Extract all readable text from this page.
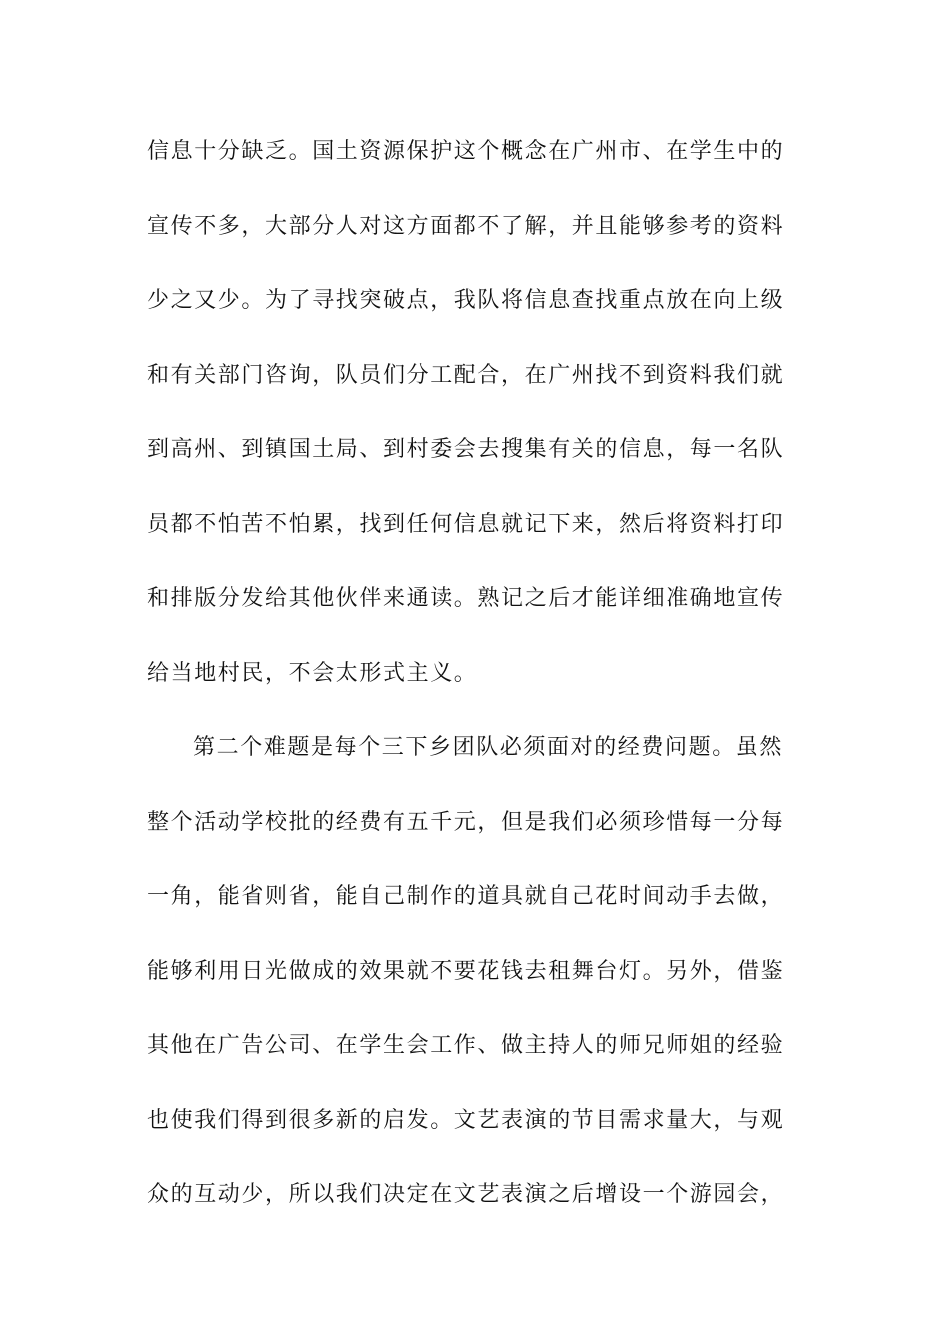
信息十分缺乏。国土资源保护这个概念在广州市、在学生中的
宣传不多，大部分人对这方面都不了解，并且能够参考的资料
少之又少。为了寻找突破点，我队将信息查找重点放在向上级
和有关部门咨询，队员们分工配合，在广州找不到资料我们就
到高州、到镇国土局、到村委会去搜集有关的信息，每一名队
员都不怕苦不怕累，找到任何信息就记下来，然后将资料打印
和排版分发给其他伙伴来通读。熟记之后才能详细准确地宣传
给当地村民，不会太形式主义。
第二个难题是每个三下乡团队必须面对的经费问题。虽然
整个活动学校批的经费有五千元，但是我们必须珍惜每一分每
一角，能省则省，能自己制作的道具就自己花时间动手去做，
能够利用日光做成的效果就不要花钱去租舞台灯。另外，借鉴
其他在广告公司、在学生会工作、做主持人的师兄师姐的经验
也使我们得到很多新的启发。文艺表演的节目需求量大，与观
众的互动少，所以我们决定在文艺表演之后增设一个游园会，
